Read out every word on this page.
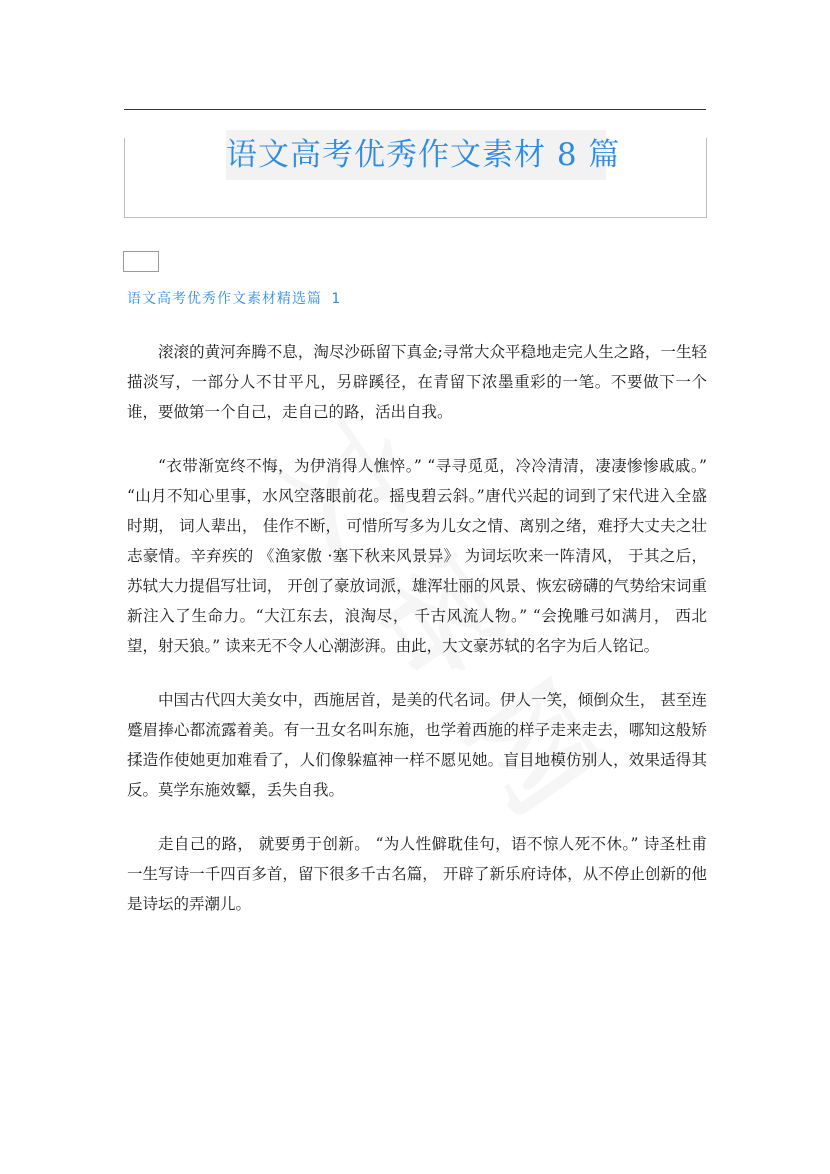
语文高考优秀作文素材 8 篇
语文高考优秀作文素材精选篇 1

滚滚的黄河奔腾不息，淘尽沙砾留下真金;寻常大众平稳地走完人生之路，一生轻描淡写，一部分人不甘平凡，另辟蹊径，在青留下浓墨重彩的一笔。不要做下一个谁，要做第一个自己，走自己的路，活出自我。

“衣带渐宽终不悔，为伊消得人憔悴。” “寻寻觅觅，冷冷清清，凄凄惨惨戚戚。” “山月不知心里事，水风空落眼前花。摇曳碧云斜。”唐代兴起的词到了宋代进入全盛时期， 词人辈出， 佳作不断， 可惜所写多为儿女之情、离别之绪，难抒大丈夫之壮志豪情。辛弃疾的 《渔家傲 ·塞下秋来风景异》 为词坛吹来一阵清风， 于其之后，苏轼大力提倡写壮词， 开创了豪放词派，雄浑壮丽的风景、恢宏磅礴的气势给宋词重新注入了生命力。“大江东去，浪淘尽， 千古风流人物。” “会挽雕弓如满月， 西北望，射天狼。” 读来无不令人心潮澎湃。由此，大文豪苏轼的名字为后人铭记。

中国古代四大美女中，西施居首，是美的代名词。伊人一笑，倾倒众生， 甚至连蹙眉捧心都流露着美。有一丑女名叫东施，也学着西施的样子走来走去，哪知这般矫揉造作使她更加难看了，人们像躲瘟神一样不愿见她。盲目地模仿别人，效果适得其反。莫学东施效颦，丢失自我。

走自己的路， 就要勇于创新。 “为人性僻耽佳句，语不惊人死不休。” 诗圣杜甫一生写诗一千四百多首，留下很多千古名篇， 开辟了新乐府诗体，从不停止创新的他是诗坛的弄潮儿。
